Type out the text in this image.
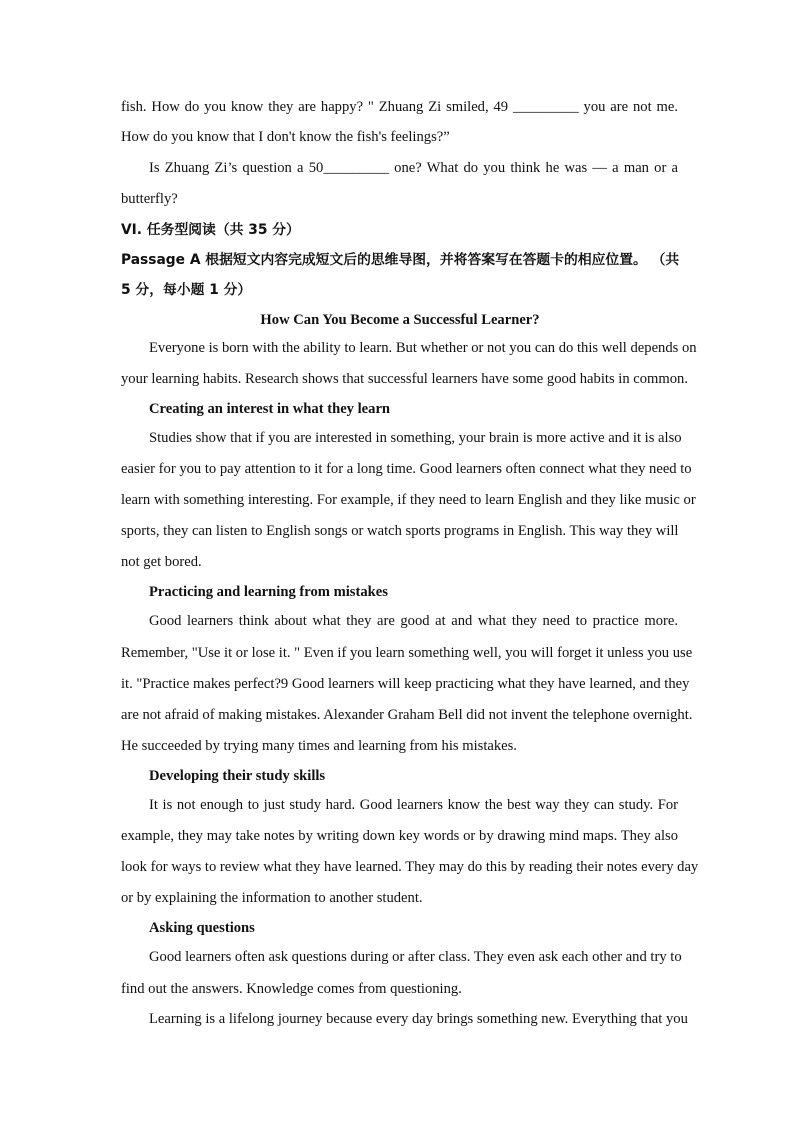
fish. How do you know they are happy? " Zhuang Zi smiled, 49 _________ you are not me.
How do you know that I don't know the fish's feelings?”
Is Zhuang Zi’s question a 50_________ one? What do you think he was — a man or a
butterfly?
VI. 任务型阅读（共 35 分）
Passage A 根据短文内容完成短文后的思维导图，并将答案写在答题卡的相应位置。 （共
5 分，每小题 1 分）
How Can You Become a Successful Learner?
Everyone is born with the ability to learn. But whether or not you can do this well depends on
your learning habits. Research shows that successful learners have some good habits in common.
Creating an interest in what they learn
Studies show that if you are interested in something, your brain is more active and it is also
easier for you to pay attention to it for a long time. Good learners often connect what they need to
learn with something interesting. For example, if they need to learn English and they like music or
sports, they can listen to English songs or watch sports programs in English. This way they will
not get bored.
Practicing and learning from mistakes
Good learners think about what they are good at and what they need to practice more.
Remember, "Use it or lose it. " Even if you learn something well, you will forget it unless you use
it. "Practice makes perfect?9 Good learners will keep practicing what they have learned, and they
are not afraid of making mistakes. Alexander Graham Bell did not invent the telephone overnight.
He succeeded by trying many times and learning from his mistakes.
Developing their study skills
It is not enough to just study hard. Good learners know the best way they can study. For
example, they may take notes by writing down key words or by drawing mind maps. They also
look for ways to review what they have learned. They may do this by reading their notes every day
or by explaining the information to another student.
Asking questions
Good learners often ask questions during or after class. They even ask each other and try to
find out the answers. Knowledge comes from questioning.
Learning is a lifelong journey because every day brings something new. Everything that you
